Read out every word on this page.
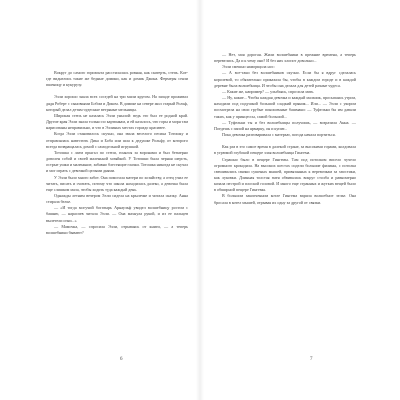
Вокруг до самого горизонта расстилалась ровная, как скатерть, степь. Кое-где виднелись такие же бедные домики, как и домик Джона. Фермеры сеяли пшеницу и кукурузу.

Элли хорошо знала всех соседей на три мили кругом. На западе проживал дядя Роберт с сыновьями Бобом и Диком. В домике на севере жил старый Рольф, который делал детям чудесные ветряные мельницы.

Широкая степь не казалась Элли унылой: ведь это был ее родной край. Другие края Элли знала только по картинкам, и ей казалось, что горы и моря там нарисованы неправильно, и что в Эллиных местах гораздо красивее.

Когда Элли становилось скучно, она звала веселого песика Тотошку и отправлялась навестить Дика и Боба или шла к дедушке Рольфу, от которого всегда возвращалась домой с самодельной игрушкой.

Тотошка с лаем прыгал по степи, гонялся за воронами и был безмерно доволен собой и своей маленькой хозяйкой. У Тотошки была черная шерсть, острые ушки и маленькие, забавно блестящие глазки. Тотошка никогда не скучал и мог играть с девочкой целыми днями.

У Элли было много забот. Она помогала матери по хозяйству, а отец учил ее читать, писать и считать, потому что школа находилась далеко, а девочка была еще слишком мала, чтобы ходить туда каждый день.

Однажды летним вечером Элли сидела на крылечке и читала сказку. Анна стирала белье.

— «И тогда могучий богатырь Арнаульф увидел волшебницу ростом с башню, — нараспев читала Элли. — Она махнула рукой, и из ее пальцев вылетели огни...»

— Мамочка, — спросила Элли, отрываясь от книги, — а теперь волшебники бывают?

6

— Нет, моя дорогая. Жили волшебники в прежние времена, а теперь перевелись. Да и к чему они? И без них хлопот довольно...

Элли смешно наморщила нос:

— А все-таки без волшебников скучно. Если бы я вдруг сделалась королевой, то обязательно приказала бы, чтобы в каждом городе и в каждой деревне была волшебница. И чтобы она делала для детей разные чудеса.

— Какие же, например? — улыбаясь, спросила мать.

— Ну, какие... Чтобы каждая девочка и каждый мальчик, просыпаясь утром, находили под подушкой большой сладкий пряник... Или... — Элли с укором посмотрела на свои грубые поношенные башмаки: — Туфельки бы им давали таких, как у принцессы, самой большой...

— Туфельки ты и без волшебницы получишь, — возразила Анна. — Поедешь с папой на ярмарку, он и купит...

Пока девочка разговаривала с матерью, погода начала портиться.

Как раз в это самое время в далекой стране, за высокими горами, колдовала в угрюмой глубокой пещере злая волшебница Гингема.

Страшно было в пещере Гингемы. Там под потолком висело чучело огромного крокодила. На высоких шестах сидели большие филины, с потолка свешивались связки сушеных мышей, привязанных к веревочкам за хвостики, как луковки. Длинная толстая змея обвивалась вокруг столба и равномерно качала пестрой и плоской головой. И много еще странных и жутких вещей было в обширной пещере Гингемы.

В большом закопченном котле Гингема варила волшебное зелье. Она бросала в котел мышей, отрывая их одну за другой от связки.

7
